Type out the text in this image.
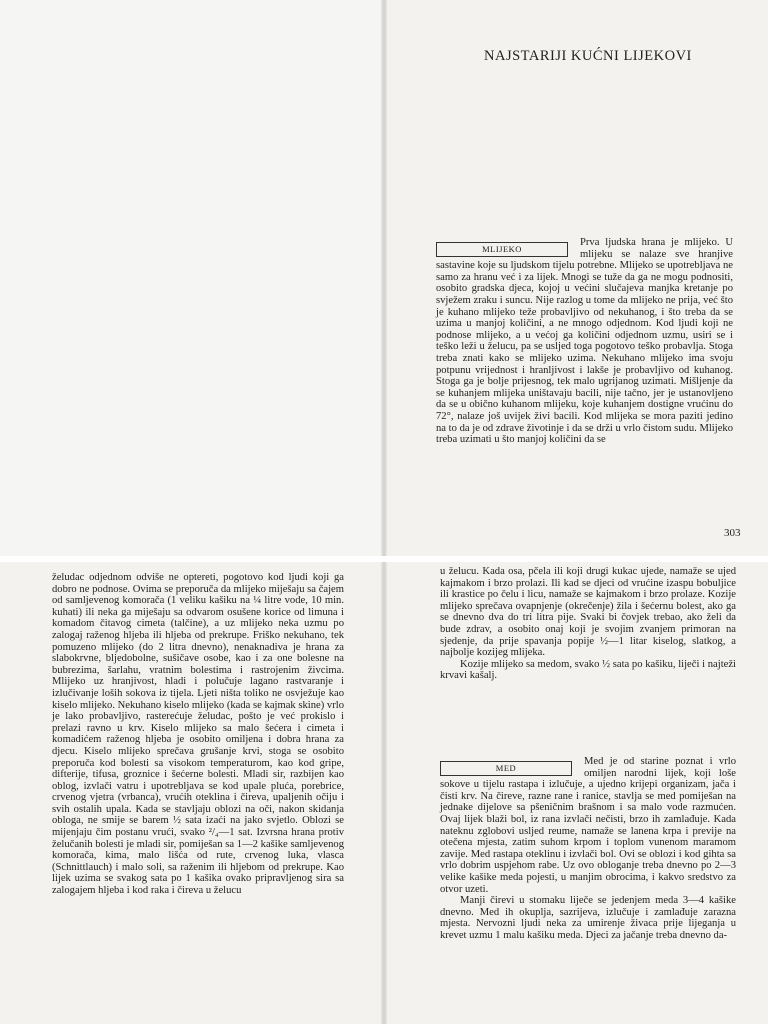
NAJSTARIJI KUĆNI LIJEKOVI

MLIJEKO
Prva ljudska hrana je mlijeko. U mlijeku se nalaze sve hranjive sastavine koje su ljudskom tijelu potrebne. Mlijeko se upotrebljava ne samo za hranu već i za lijek. Mnogi se tuže da ga ne mogu podnositi, osobito gradska djeca, kojoj u većini slučajeva manjka kretanje po svježem zraku i suncu. Nije razlog u tome da mlijeko ne prija, već što je kuhano mlijeko teže probavljivo od nekuhanog, i što treba da se uzima u manjoj količini, a ne mnogo odjednom. Kod ljudi koji ne podnose mlijeko, a u većoj ga količini odjednom uzmu, usiri se i teško leži u želucu, pa se usljed toga pogotovo teško probavlja. Stoga treba znati kako se mlijeko uzima. Nekuhano mlijeko ima svoju potpunu vrijednost i hranljivost i lakše je probavljivo od kuhanog. Stoga ga je bolje prijesnog, tek malo ugrijanog uzimati. Mišljenje da se kuhanjem mlijeka uništavaju bacili, nije tačno, jer je ustanovljeno da se u obično kuhanom mlijeku, koje kuhanjem dostigne vrućinu do 72°, nalaze još uvijek živi bacili. Kod mlijeka se mora paziti jedino na to da je od zdrave životinje i da se drži u vrlo čistom sudu. Mlijeko treba uzimati u što manjoj količini da se

303

želudac odjednom odviše ne optereti, pogotovo kod ljudi koji ga dobro ne podnose. Ovima se preporuča da mlijeko miješaju sa čajem od samljevenog komorača (1 veliku kašiku na ¼ litre vode, 10 min. kuhati) ili neka ga miješaju sa odvarom osušene korice od limuna i komadom čitavog cimeta (talčine), a uz mlijeko neka uzmu po zalogaj raženog hljeba ili hljeba od prekrupe. Friško nekuhano, tek pomuzeno mlijeko (do 2 litra dnevno), nenaknadiva je hrana za slabokrvne, bljedobolne, sušičave osobe, kao i za one bolesne na bubrezima, šarlahu, vratnim bolestima i rastrojenim živcima. Mlijeko uz hranjivost, hladi i polučuje lagano rastvaranje i izlučivanje loših sokova iz tijela. Ljeti ništa toliko ne osvježuje kao kiselo mlijeko. Nekuhano kiselo mlijeko (kada se kajmak skine) vrlo je lako probavljivo, rasterećuje želudac, pošto je već prokislo i prelazi ravno u krv. Kiselo mlijeko sa malo šećera i cimeta i komadićem raženog hljeba je osobito omiljena i dobra hrana za djecu. Kiselo mlijeko sprečava grušanje krvi, stoga se osobito preporuča kod bolesti sa visokom temperaturom, kao kod gripe, difterije, tifusa, groznice i šećerne bolesti. Mladi sir, razbijen kao oblog, izvlači vatru i upotrebljava se kod upale pluća, porebrice, crvenog vjetra (vrbanca), vrućih oteklina i čireva, upaljenih očiju i svih ostalih upala. Kada se stavljaju oblozi na oči, nakon skidanja obloga, ne smije se barem ½ sata izaći na jako svjetlo. Oblozi se mijenjaju čim postanu vrući, svako ²/₄—1 sat. Izvrsna hrana protiv želučanih bolesti je mladi sir, pomiješan sa 1—2 kašike samljevenog komorača, kima, malo lišća od rute, crvenog luka, vlasca (Schnittlauch) i malo soli, sa raženim ili hljebom od prekrupe. Kao lijek uzima se svakog sata po 1 kašika ovako pripravljenog sira sa zalogajem hljeba i kod raka i čireva u želucu

u želucu. Kada osa, pčela ili koji drugi kukac ujede, namaže se ujed kajmakom i brzo prolazi. Ili kad se djeci od vrućine izaspu bobuljice ili krastice po čelu i licu, namaže se kajmakom i brzo prolaze. Kozije mlijeko sprečava ovapnjenje (okrečenje) žila i šećernu bolest, ako ga se dnevno dva do tri litra pije. Svaki bi čovjek trebao, ako želi da bude zdrav, a osobito onaj koji je svojim zvanjem primoran na sjedenje, da prije spavanja popije ½—1 litar kiselog, slatkog, a najbolje kozijeg mlijeka.

Kozije mlijeko sa medom, svako ½ sata po kašiku, liječi i najteži krvavi kašalj.

MED
Med je od starine poznat i vrlo omiljen narodni lijek, koji loše sokove u tijelu rastapa i izlučuje, a ujedno krijepi organizam, jača i čisti krv. Na čireve, razne rane i ranice, stavlja se med pomiješan na jednake dijelove sa pšeničnim brašnom i sa malo vode razmućen. Ovaj lijek blaži bol, iz rana izvlači nečisti, brzo ih zamlađuje. Kada nateknu zglobovi usljed reume, namaže se lanena krpa i previje na otečena mjesta, zatim suhom krpom i toplom vunenom maramom zavije. Med rastapa oteklinu i izvlači bol. Ovi se oblozi i kod gihta sa vrlo dobrim uspjehom rabe. Uz ovo obloganje treba dnevno po 2—3 velike kašike meda pojesti, u manjim obrocima, i kakvo sredstvo za otvor uzeti.

Manji čirevi u stomaku liječe se jedenjem meda 3—4 kašike dnevno. Med ih okuplja, sazrijeva, izlučuje i zamlađuje zarazna mjesta. Nervozni ljudi neka za umirenje živaca prije lijeganja u krevet uzmu 1 malu kašiku meda. Djeci za jačanje treba dnevno da-
